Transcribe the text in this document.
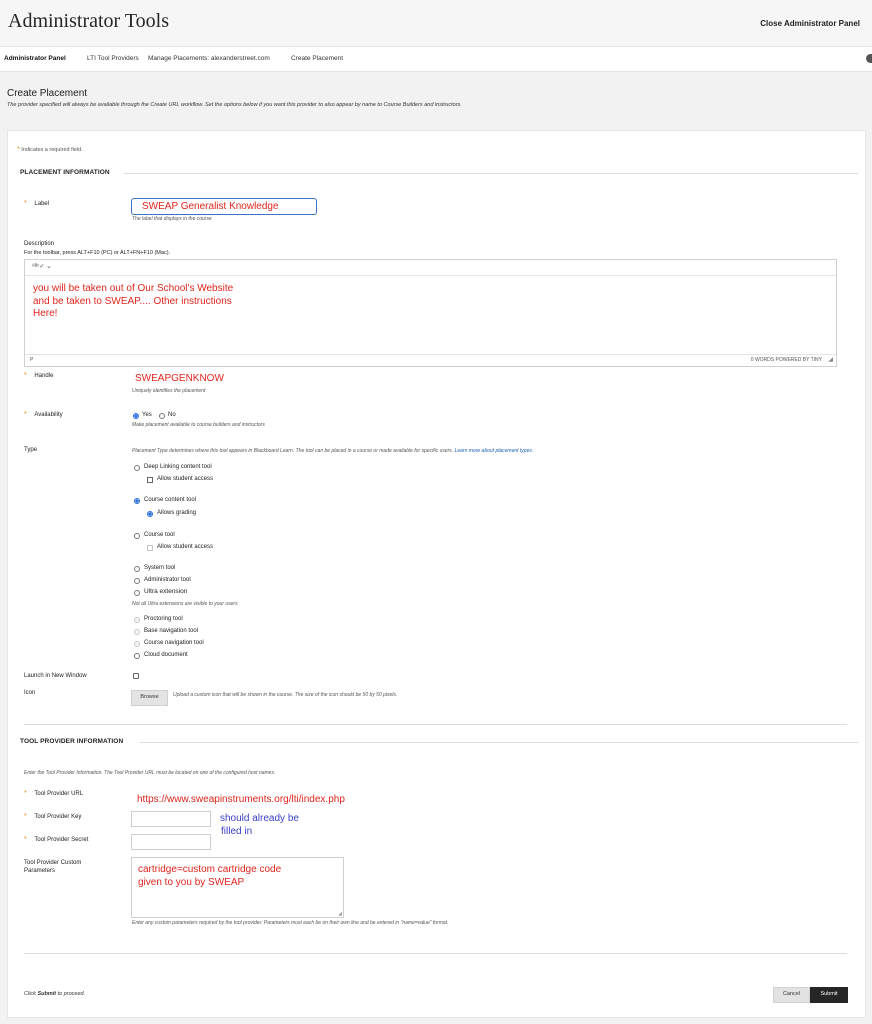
Administrator Tools	Close Administrator Panel
Administrator Panel	LTI Tool Providers Manage Placements: alexanderstreet.com	Create Placement
Create Placement
The provider specified will always be available through the Create URL workflow. Set the options below if you want this provider to also appear by name to Course Builders and instructors.
* Indicates a required field.
PLACEMENT INFORMATION
* Label	SWEAP Generalist Knowledge
The label that displays in the course
Description
For the toolbar, press ALT+F10 (PC) or ALT+FN+F10 (Mac).
ᴬᴮᶜ✓ ⌄
you will be taken out of Our School's Website
and be taken to SWEAP.... Other instructions
Here!
P	0 WORDS POWERED BY TINY ◢
* Handle	SWEAPGENKNOW
Uniquely identifies the placement
* Availability	Yes	No
Make placement available to course builders and instructors
Type	Placement Type determines where this tool appears in Blackboard Learn. The tool can be placed in a course or made available for specific users. Learn more about placement types.
Deep Linking content tool
Allow student access
Course content tool
Allows grading
Course tool
Allow student access
System tool
Administrator tool
Ultra extension
Not all Ultra extensions are visible to your users
Proctoring tool
Base navigation tool
Course navigation tool
Cloud document
Launch in New Window
Icon
Browse	Upload a custom icon that will be shown in the course. The size of the icon should be 50 by 50 pixels.
TOOL PROVIDER INFORMATION
Enter the Tool Provider Information. The Tool Provider URL must be located on one of the configured host names.
* Tool Provider URL	https://www.sweapinstruments.org/lti/index.php
* Tool Provider Key
* Tool Provider Secret
should already be
filled in
Tool Provider Custom
Parameters	cartridge=custom cartridge code
given to you by SWEAP
◢
Enter any custom parameters required by the tool provider. Parameters must each be on their own line and be entered in "name=value" format.
Click Submit to proceed.	Cancel	Submit
